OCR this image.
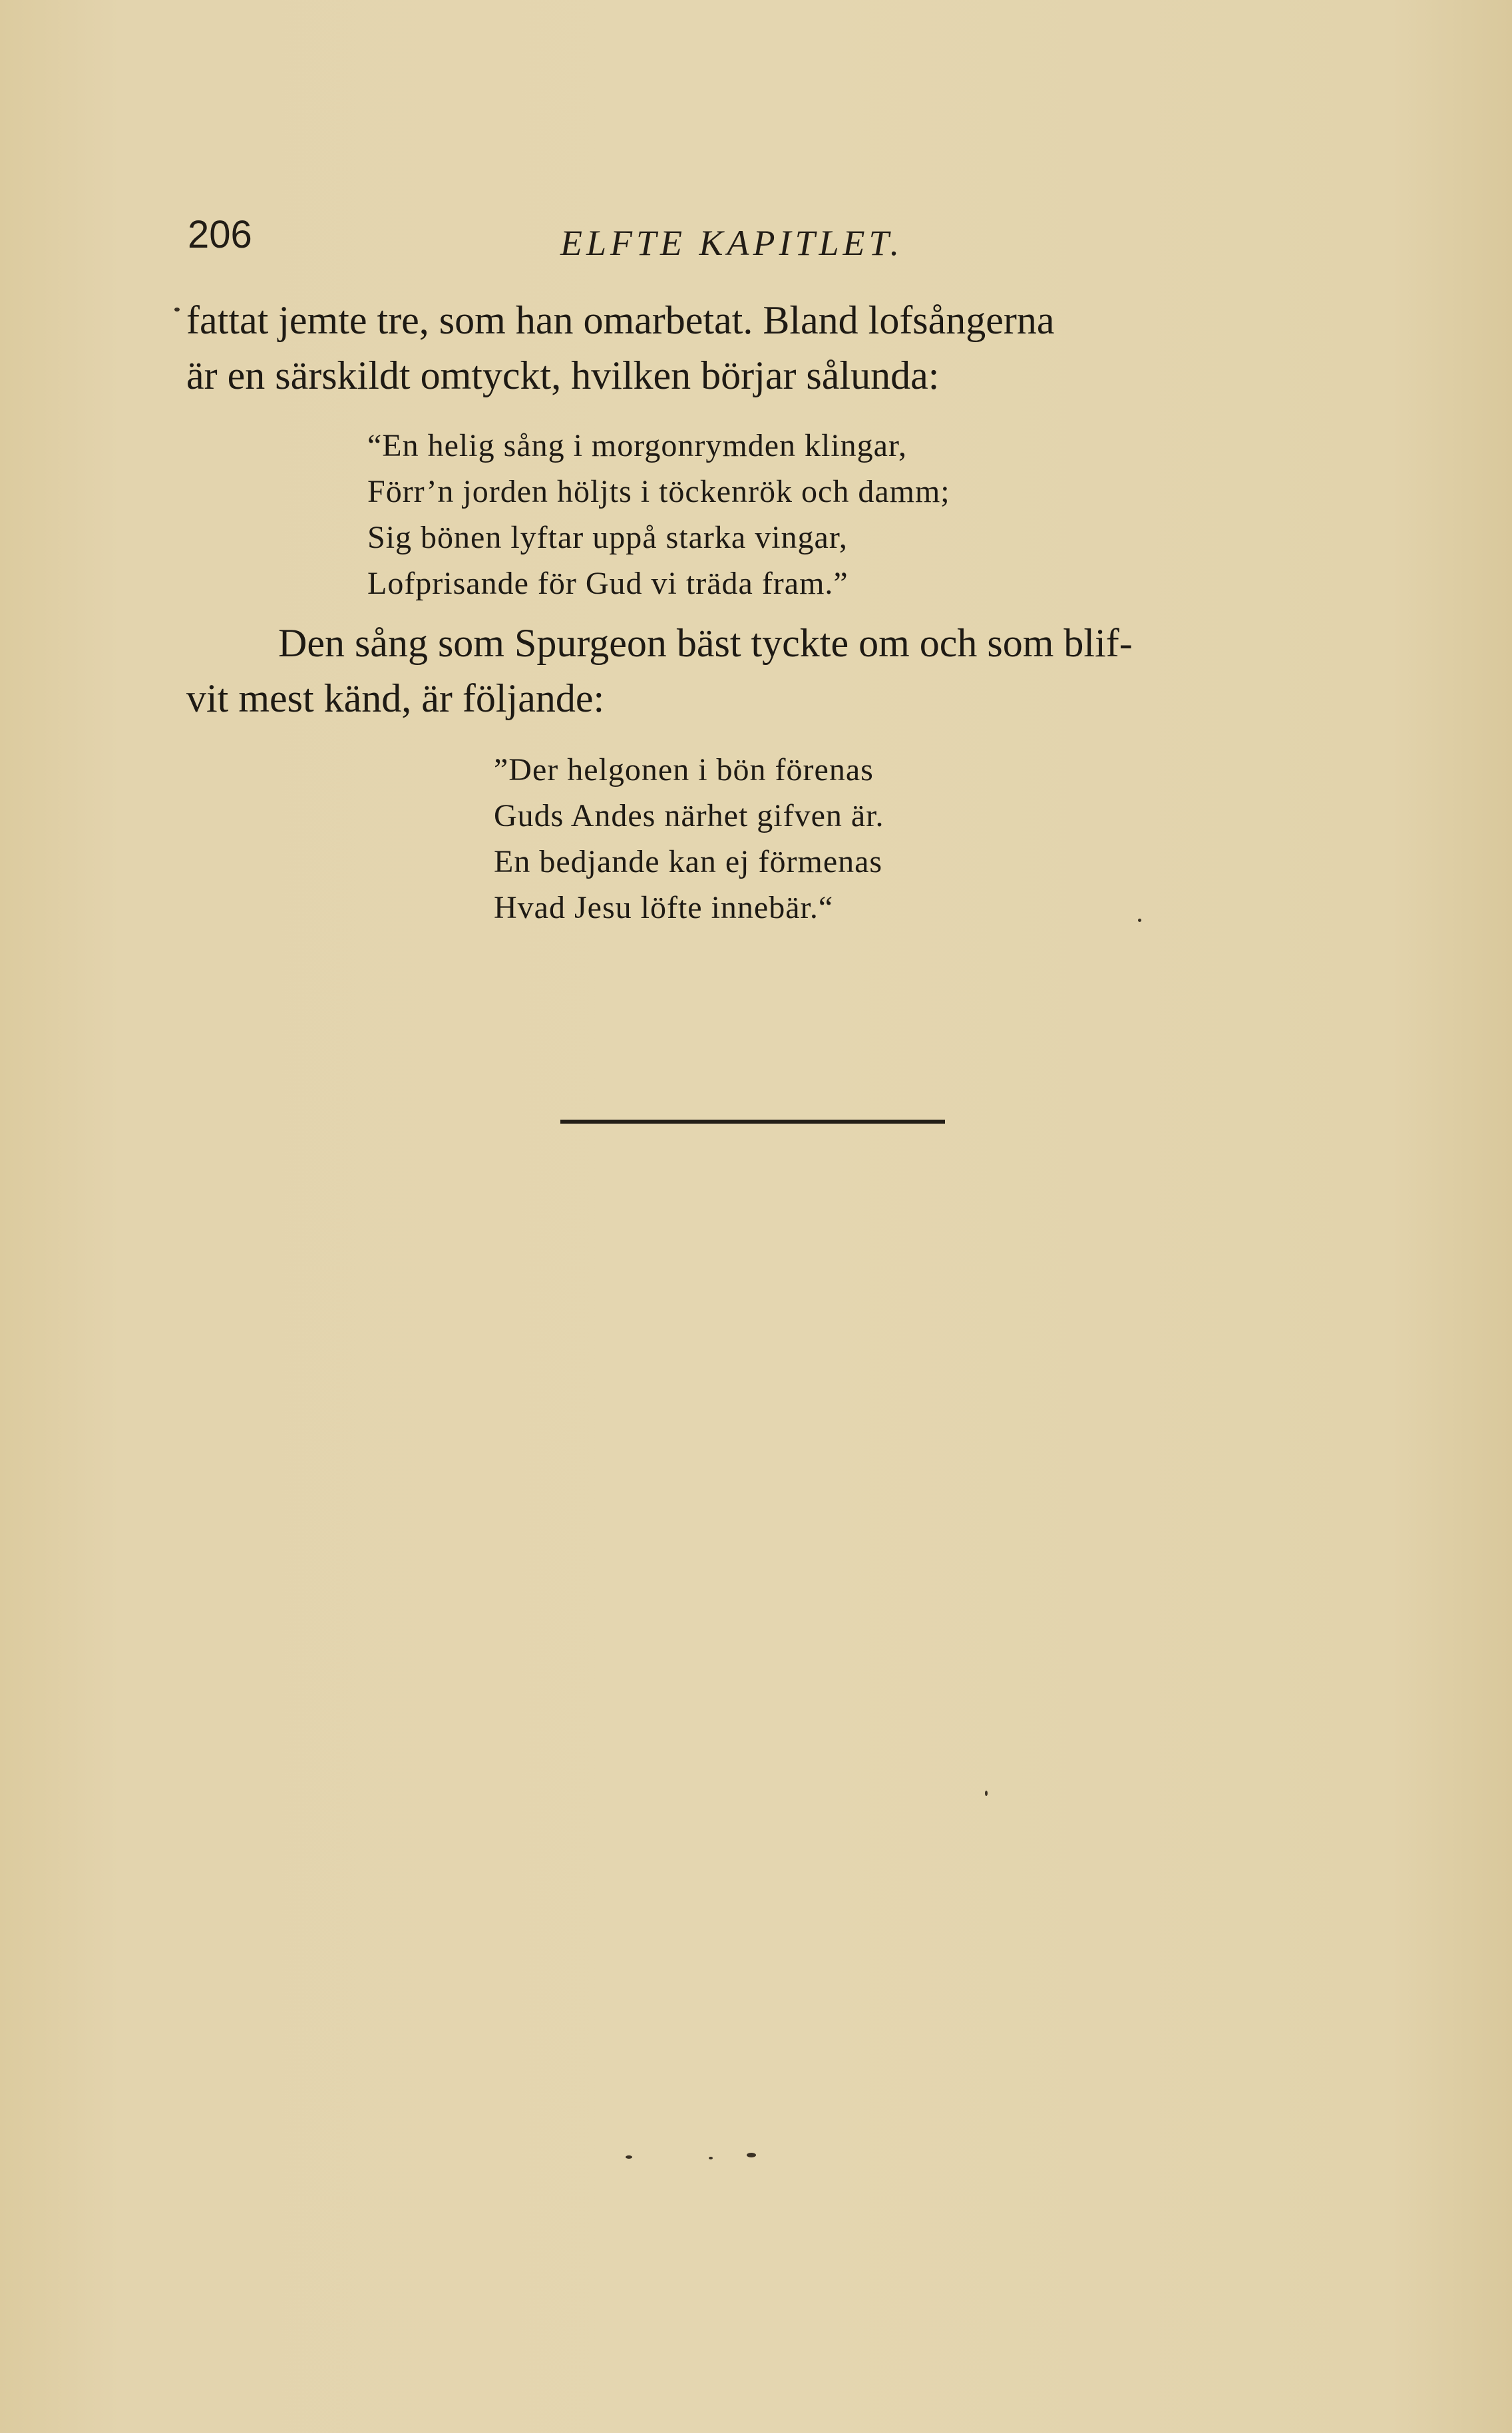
206	ELFTE KAPITLET.
fattat jemte tre, som han omarbetat. Bland lofsångerna
är en särskildt omtyckt, hvilken börjar sålunda:
“En helig sång i morgonrymden klingar,
Förr’n jorden höljts i töckenrök och damm;
Sig bönen lyftar uppå starka vingar,
Lofprisande för Gud vi träda fram.”
Den sång som Spurgeon bäst tyckte om och som blif-
vit mest känd, är följande:
”Der helgonen i bön förenas
Guds Andes närhet gifven är.
En bedjande kan ej förmenas
Hvad Jesu löfte innebär.“
